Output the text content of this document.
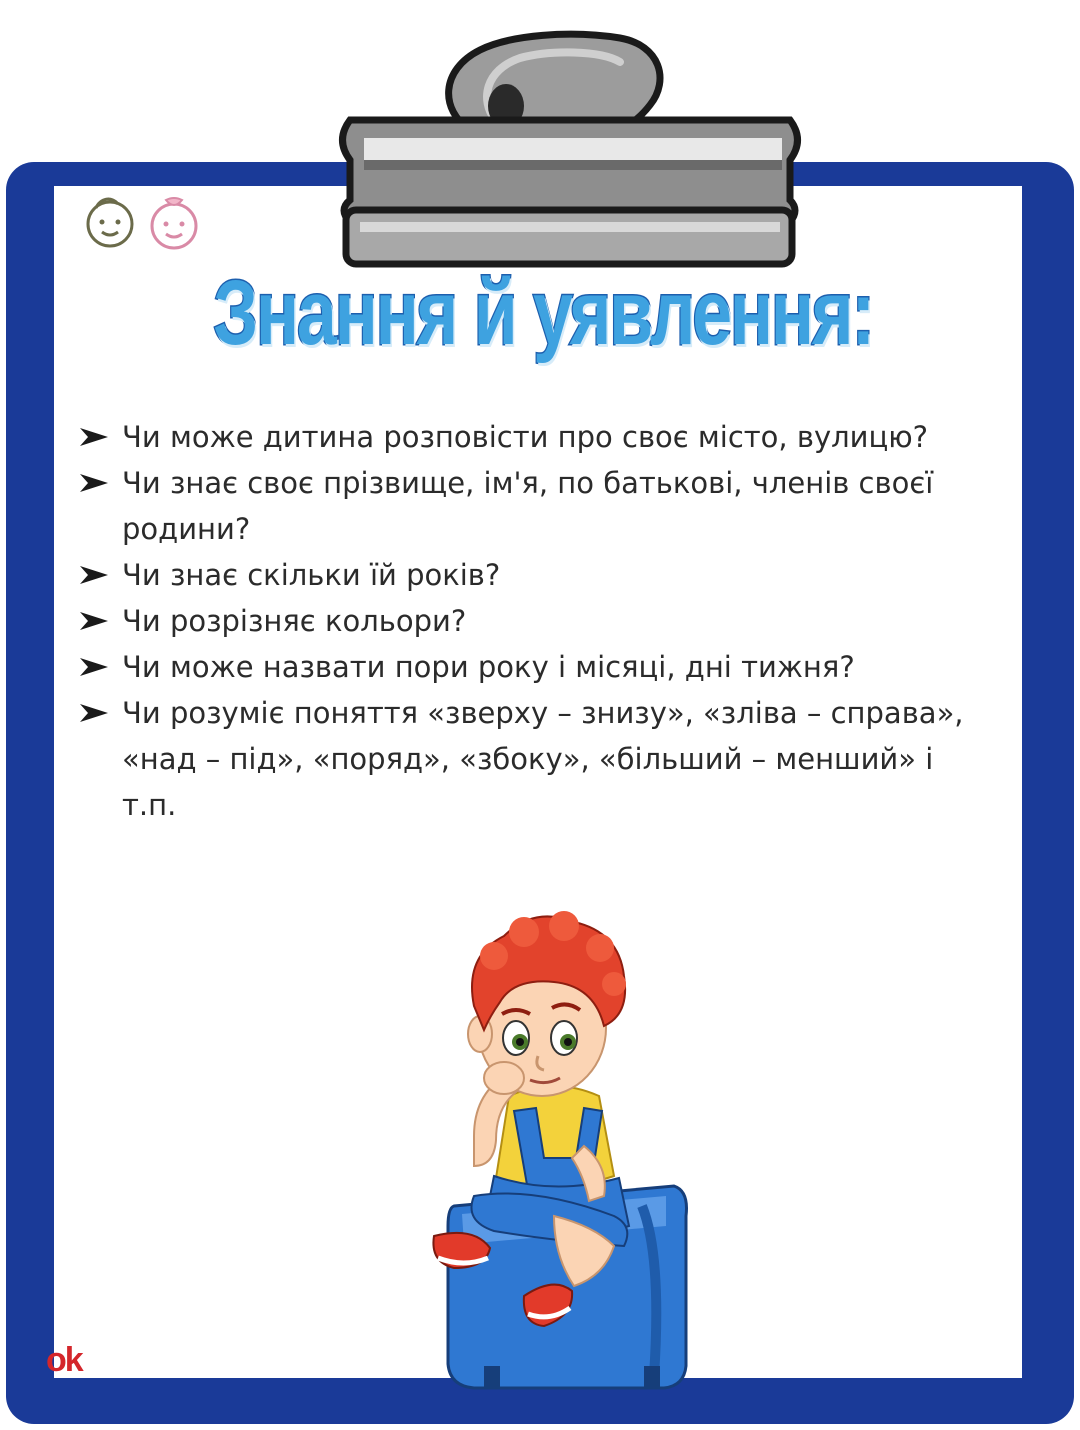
Знання й уявлення:
Чи може дитина розповісти про своє місто, вулицю?
Чи знає своє прізвище, ім'я, по батькові, членів своєї родини?
Чи знає скільки їй років?
Чи розрізняє кольори?
Чи може назвати пори року і місяці, дні тижня?
Чи розуміє поняття «зверху – знизу», «зліва – справа», «над – під», «поряд», «збоку», «більший – менший» і т.п.
ok
